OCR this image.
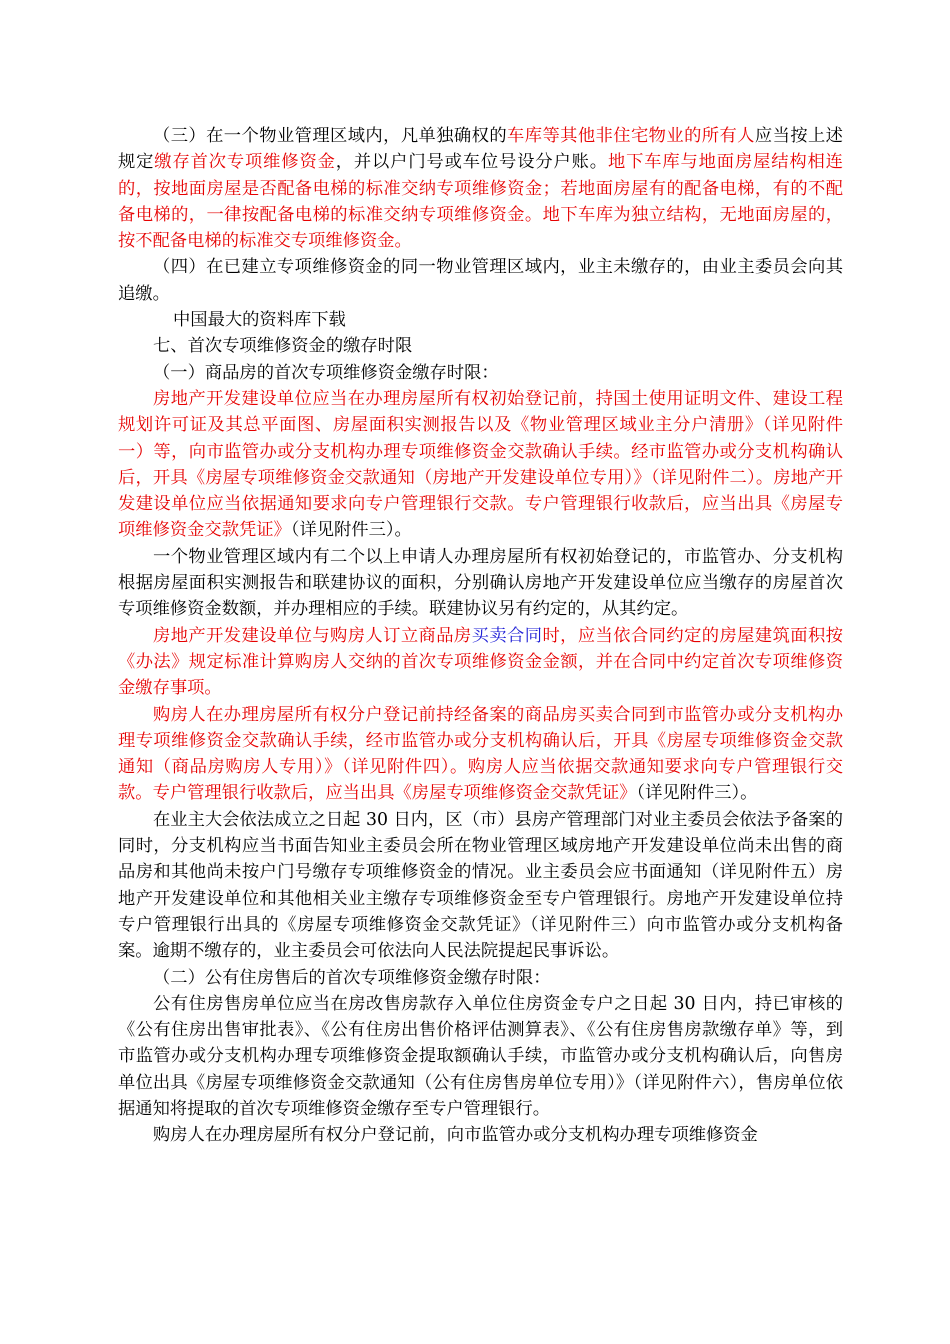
（三）在一个物业管理区域内，凡单独确权的车库等其他非住宅物业的所有人应当按上述规定缴存首次专项维修资金，并以户门号或车位号设分户账。地下车库与地面房屋结构相连的，按地面房屋是否配备电梯的标准交纳专项维修资金；若地面房屋有的配备电梯，有的不配备电梯的，一律按配备电梯的标准交纳专项维修资金。地下车库为独立结构，无地面房屋的，按不配备电梯的标准交专项维修资金。

（四）在已建立专项维修资金的同一物业管理区域内，业主未缴存的，由业主委员会向其追缴。

中国最大的资料库下载

七、首次专项维修资金的缴存时限

（一）商品房的首次专项维修资金缴存时限：

房地产开发建设单位应当在办理房屋所有权初始登记前，持国土使用证明文件、建设工程规划许可证及其总平面图、房屋面积实测报告以及《物业管理区域业主分户清册》（详见附件一）等，向市监管办或分支机构办理专项维修资金交款确认手续。经市监管办或分支机构确认后，开具《房屋专项维修资金交款通知（房地产开发建设单位专用）》（详见附件二）。房地产开发建设单位应当依据通知要求向专户管理银行交款。专户管理银行收款后，应当出具《房屋专项维修资金交款凭证》（详见附件三）。

一个物业管理区域内有二个以上申请人办理房屋所有权初始登记的，市监管办、分支机构根据房屋面积实测报告和联建协议的面积，分别确认房地产开发建设单位应当缴存的房屋首次专项维修资金数额，并办理相应的手续。联建协议另有约定的，从其约定。

房地产开发建设单位与购房人订立商品房买卖合同时，应当依合同约定的房屋建筑面积按《办法》规定标准计算购房人交纳的首次专项维修资金金额，并在合同中约定首次专项维修资金缴存事项。

购房人在办理房屋所有权分户登记前持经备案的商品房买卖合同到市监管办或分支机构办理专项维修资金交款确认手续，经市监管办或分支机构确认后，开具《房屋专项维修资金交款通知（商品房购房人专用）》（详见附件四）。购房人应当依据交款通知要求向专户管理银行交款。专户管理银行收款后，应当出具《房屋专项维修资金交款凭证》（详见附件三）。

在业主大会依法成立之日起 30 日内，区（市）县房产管理部门对业主委员会依法予备案的同时，分支机构应当书面告知业主委员会所在物业管理区域房地产开发建设单位尚未出售的商品房和其他尚未按户门号缴存专项维修资金的情况。业主委员会应书面通知（详见附件五）房地产开发建设单位和其他相关业主缴存专项维修资金至专户管理银行。房地产开发建设单位持专户管理银行出具的《房屋专项维修资金交款凭证》（详见附件三）向市监管办或分支机构备案。逾期不缴存的，业主委员会可依法向人民法院提起民事诉讼。

（二）公有住房售后的首次专项维修资金缴存时限：

公有住房售房单位应当在房改售房款存入单位住房资金专户之日起 30 日内，持已审核的《公有住房出售审批表》、《公有住房出售价格评估测算表》、《公有住房售房款缴存单》等，到市监管办或分支机构办理专项维修资金提取额确认手续，市监管办或分支机构确认后，向售房单位出具《房屋专项维修资金交款通知（公有住房售房单位专用）》（详见附件六），售房单位依据通知将提取的首次专项维修资金缴存至专户管理银行。

购房人在办理房屋所有权分户登记前，向市监管办或分支机构办理专项维修资金
